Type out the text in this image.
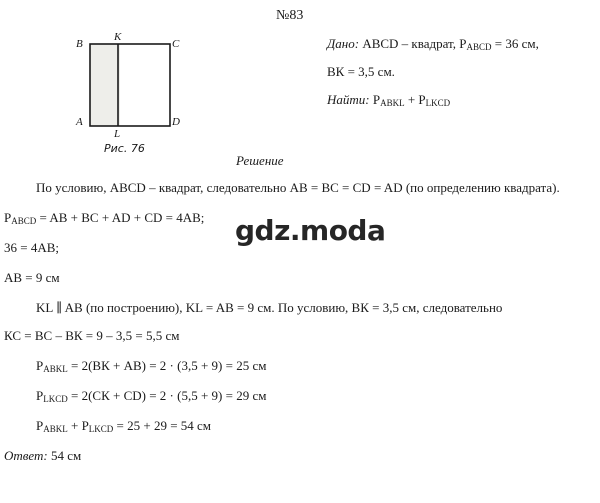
№83
B
K
C
A
L
D
Рис. 76
Дано: ABCD – квадрат, $P_{ABCD} = 36$ см,
ВК = 3,5 см.
Найти: $P_{ABKL} + P_{LKCD}$
Решение
По условию, ABCD – квадрат, следовательно AB = BC = CD = AD (по определению квадрата).
$P_{ABCD}$ = AB + BC + AD + CD = 4AB;
36 = 4AB;
AB = 9 см
KL ∥ AB (по построению), KL = AB = 9 см. По условию, ВК = 3,5 см, следовательно
КС = ВС – ВК = 9 – 3,5 = 5,5 см
$P_{ABKL} = 2(ВК + AB) = 2 \cdot (3,5 + 9) = 25$ см
$P_{LKCD} = 2(СК + CD) = 2 \cdot (5,5 + 9) = 29$ см
$P_{ABKL} + P_{LKCD} = 25 + 29 = 54$ см
Ответ: 54 см
gdz.moda
